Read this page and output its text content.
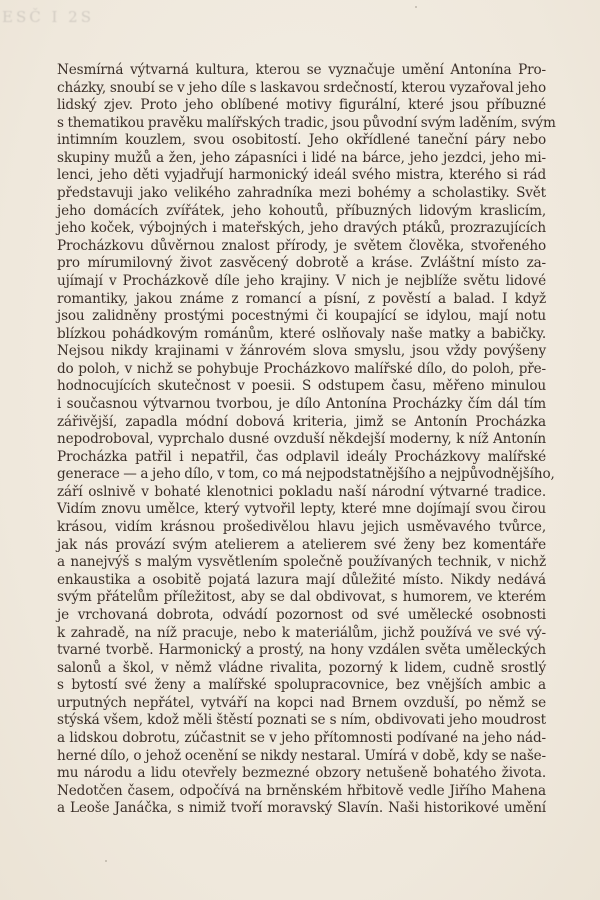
ESČ I 2S
Nesmírná výtvarná kultura, kterou se vyznačuje umění Antonína Pro-
cházky, snoubí se v jeho díle s laskavou srdečností, kterou vyzařoval jeho
lidský zjev. Proto jeho oblíbené motivy figurální, které jsou příbuzné
s thematikou pravěku malířských tradic, jsou původní svým laděním, svým
intimním kouzlem, svou osobitostí. Jeho okřídlené taneční páry nebo
skupiny mužů a žen, jeho zápasníci i lidé na bárce, jeho jezdci, jeho mi-
lenci, jeho děti vyjadřují harmonický ideál svého mistra, kterého si rád
představuji jako velikého zahradníka mezi bohémy a scholastiky. Svět
jeho domácích zvířátek, jeho kohoutů, příbuzných lidovým kraslicím,
jeho koček, výbojných i mateřských, jeho dravých ptáků, prozrazujících
Procházkovu důvěrnou znalost přírody, je světem člověka, stvořeného
pro mírumilovný život zasvěcený dobrotě a kráse. Zvláštní místo za-
ujímají v Procházkově díle jeho krajiny. V nich je nejblíže světu lidové
romantiky, jakou známe z romancí a písní, z pověstí a balad. I když
jsou zalidněny prostými pocestnými či koupající se idylou, mají notu
blízkou pohádkovým románům, které oslňovaly naše matky a babičky.
Nejsou nikdy krajinami v žánrovém slova smyslu, jsou vždy povýšeny
do poloh, v nichž se pohybuje Procházkovo malířské dílo, do poloh, pře-
hodnocujících skutečnost v poesii. S odstupem času, měřeno minulou
i současnou výtvarnou tvorbou, je dílo Antonína Procházky čím dál tím
zářivější, zapadla módní dobová kriteria, jimž se Antonín Procházka
nepodroboval, vyprchalo dusné ovzduší někdejší moderny, k níž Antonín
Procházka patřil i nepatřil, čas odplavil ideály Procházkovy malířské
generace — a jeho dílo, v tom, co má nejpodstatnějšího a nejpůvodnějšího,
září oslnivě v bohaté klenotnici pokladu naší národní výtvarné tradice.
Vidím znovu umělce, který vytvořil lepty, které mne dojímají svou čirou
krásou, vidím krásnou prošedivělou hlavu jejich usměvavého tvůrce,
jak nás provází svým atelierem a atelierem své ženy bez komentáře
a nanejvýš s malým vysvětlením společně používaných technik, v nichž
enkaustika a osobitě pojatá lazura mají důležité místo. Nikdy nedává
svým přátelům příležitost, aby se dal obdivovat, s humorem, ve kterém
je vrchovaná dobrota, odvádí pozornost od své umělecké osobnosti
k zahradě, na níž pracuje, nebo k materiálům, jichž používá ve své vý-
tvarné tvorbě. Harmonický a prostý, na hony vzdálen světa uměleckých
salonů a škol, v němž vládne rivalita, pozorný k lidem, cudně srostlý
s bytostí své ženy a malířské spolupracovnice, bez vnějších ambic a
urputných nepřátel, vytváří na kopci nad Brnem ovzduší, po němž se
stýská všem, kdož měli štěstí poznati se s ním, obdivovati jeho moudrost
a lidskou dobrotu, zúčastnit se v jeho přítomnosti podívané na jeho nád-
herné dílo, o jehož ocenění se nikdy nestaral. Umírá v době, kdy se naše-
mu národu a lidu otevřely bezmezné obzory netušeně bohatého života.
Nedotčen časem, odpočívá na brněnském hřbitově vedle Jiřího Mahena
a Leoše Janáčka, s nimiž tvoří moravský Slavín. Naši historikové umění
